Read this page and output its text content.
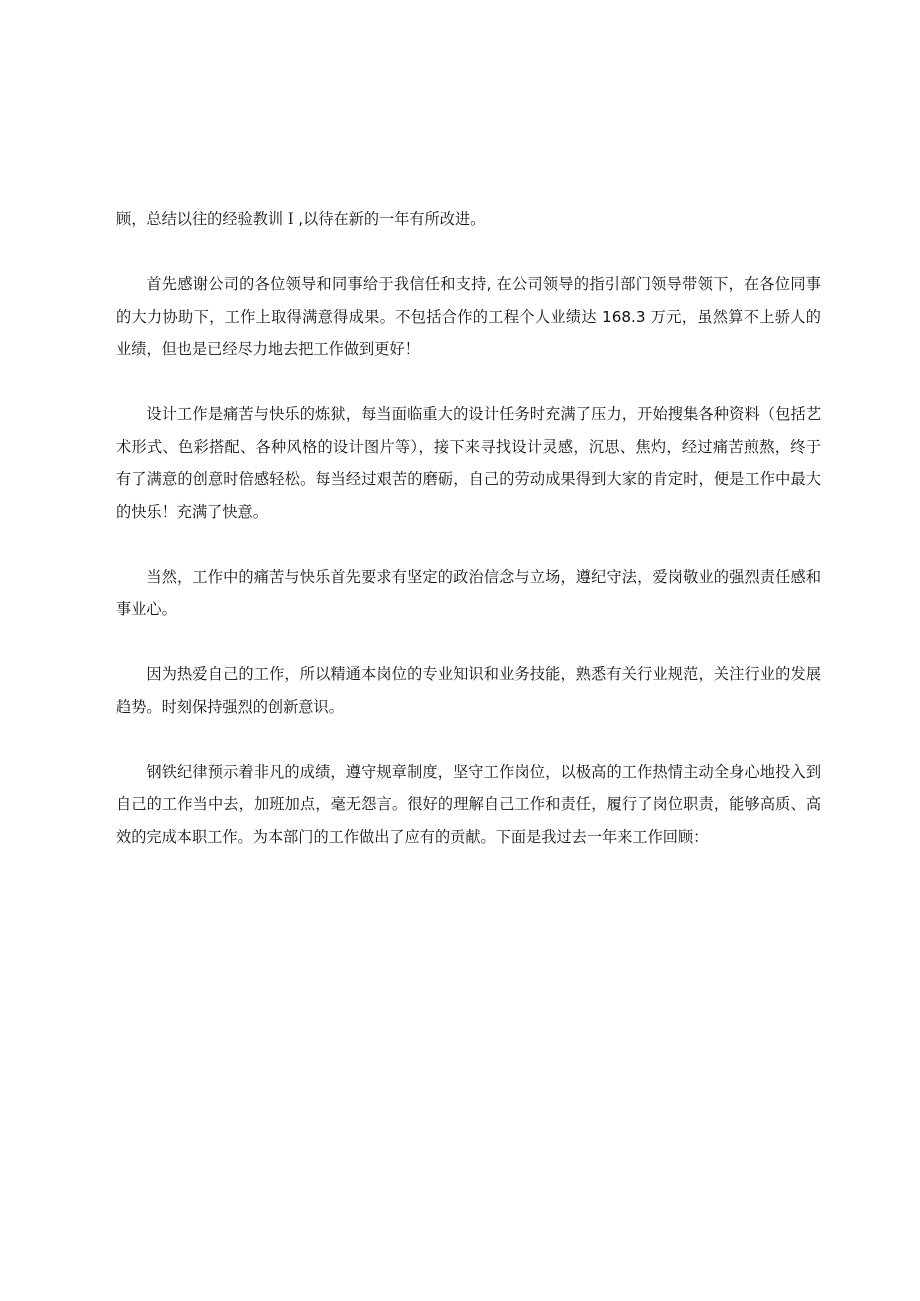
顾，总结以往的经验教训Ｉ,以待在新的一年有所改进。

首先感谢公司的各位领导和同事给于我信任和支持, 在公司领导的指引部门领导带领下，在各位同事的大力协助下，工作上取得满意得成果。不包括合作的工程个人业绩达 168.3 万元，虽然算不上骄人的业绩，但也是已经尽力地去把工作做到更好！

设计工作是痛苦与快乐的炼狱，每当面临重大的设计任务时充满了压力，开始搜集各种资料（包括艺术形式、色彩搭配、各种风格的设计图片等），接下来寻找设计灵感，沉思、焦灼，经过痛苦煎熬，终于有了满意的创意时倍感轻松。每当经过艰苦的磨砺，自己的劳动成果得到大家的肯定时，便是工作中最大的快乐！充满了快意。

当然，工作中的痛苦与快乐首先要求有坚定的政治信念与立场，遵纪守法，爱岗敬业的强烈责任感和事业心。

因为热爱自己的工作，所以精通本岗位的专业知识和业务技能，熟悉有关行业规范，关注行业的发展趋势。时刻保持强烈的创新意识。

钢铁纪律预示着非凡的成绩，遵守规章制度，坚守工作岗位，以极高的工作热情主动全身心地投入到自己的工作当中去，加班加点，毫无怨言。很好的理解自己工作和责任，履行了岗位职责，能够高质、高效的完成本职工作。为本部门的工作做出了应有的贡献。下面是我过去一年来工作回顾：
